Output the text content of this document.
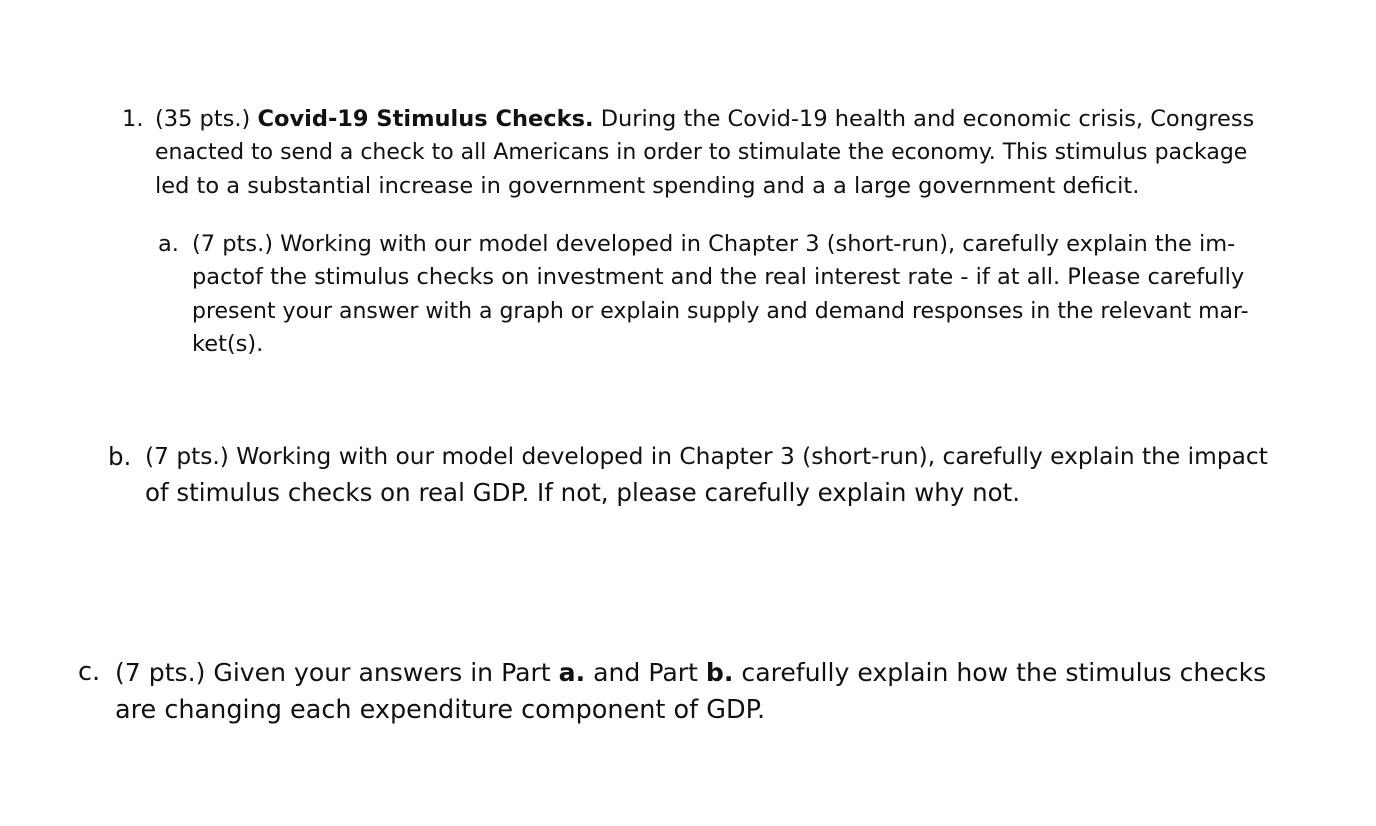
1. (35 pts.) Covid-19 Stimulus Checks. During the Covid-19 health and economic crisis, Congress
enacted to send a check to all Americans in order to stimulate the economy. This stimulus package
led to a substantial increase in government spending and a a large government deficit.
a. (7 pts.) Working with our model developed in Chapter 3 (short-run), carefully explain the im-
pactof the stimulus checks on investment and the real interest rate - if at all. Please carefully
present your answer with a graph or explain supply and demand responses in the relevant mar-
ket(s).
b. (7 pts.) Working with our model developed in Chapter 3 (short-run), carefully explain the impact
of stimulus checks on real GDP. If not, please carefully explain why not.
c. (7 pts.) Given your answers in Part a. and Part b. carefully explain how the stimulus checks
are changing each expenditure component of GDP.
